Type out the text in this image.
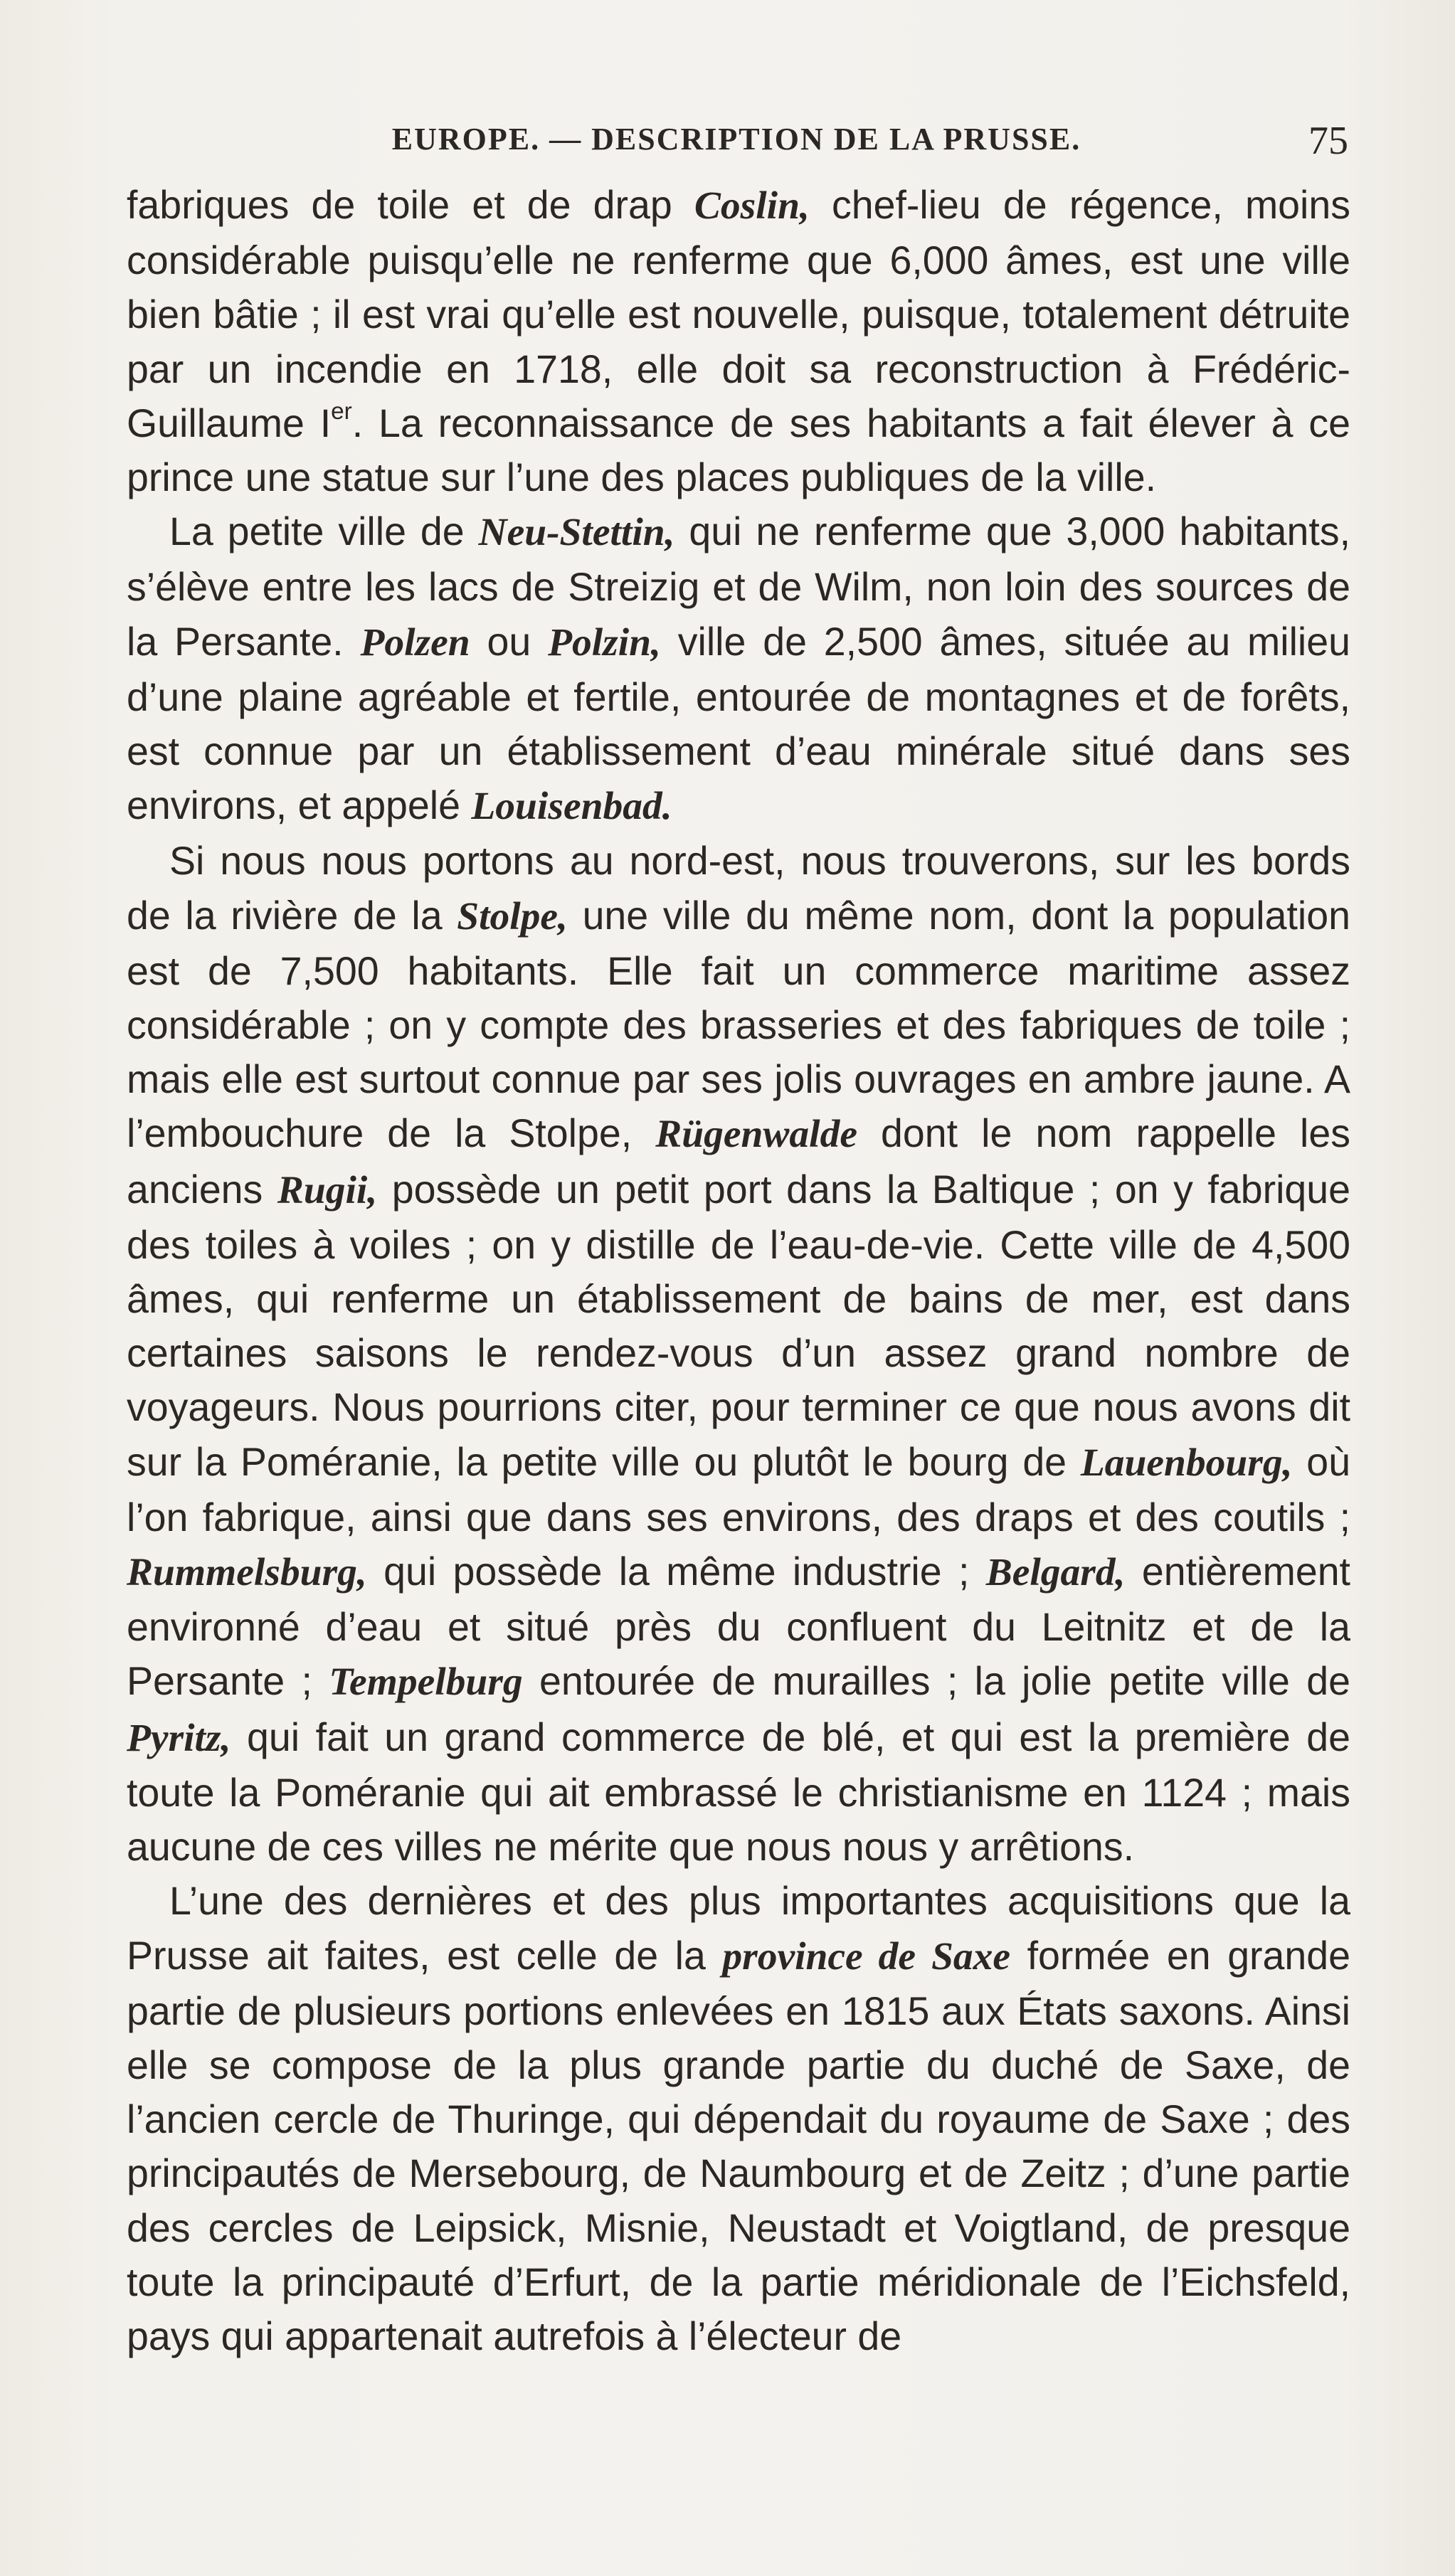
EUROPE. — DESCRIPTION DE LA PRUSSE.	75

fabriques de toile et de drap Coslin, chef-lieu de régence, moins considérable puisqu’elle ne renferme que 6,000 âmes, est une ville bien bâtie ; il est vrai qu’elle est nouvelle, puisque, totalement détruite par un incendie en 1718, elle doit sa reconstruction à Frédéric-Guillaume Ier. La reconnaissance de ses habitants a fait élever à ce prince une statue sur l’une des places publiques de la ville.

La petite ville de Neu-Stettin, qui ne renferme que 3,000 habitants, s’élève entre les lacs de Streizig et de Wilm, non loin des sources de la Persante. Polzen ou Polzin, ville de 2,500 âmes, située au milieu d’une plaine agréable et fertile, entourée de montagnes et de forêts, est connue par un établissement d’eau minérale situé dans ses environs, et appelé Louisenbad.

Si nous nous portons au nord-est, nous trouverons, sur les bords de la rivière de la Stolpe, une ville du même nom, dont la population est de 7,500 habitants. Elle fait un commerce maritime assez considérable ; on y compte des brasseries et des fabriques de toile ; mais elle est surtout connue par ses jolis ouvrages en ambre jaune. A l’embouchure de la Stolpe, Rügenwalde dont le nom rappelle les anciens Rugii, possède un petit port dans la Baltique ; on y fabrique des toiles à voiles ; on y distille de l’eau-de-vie. Cette ville de 4,500 âmes, qui renferme un établissement de bains de mer, est dans certaines saisons le rendez-vous d’un assez grand nombre de voyageurs. Nous pourrions citer, pour terminer ce que nous avons dit sur la Poméranie, la petite ville ou plutôt le bourg de Lauenbourg, où l’on fabrique, ainsi que dans ses environs, des draps et des coutils ; Rummelsburg, qui possède la même industrie ; Belgard, entièrement environné d’eau et situé près du confluent du Leitnitz et de la Persante ; Tempelburg entourée de murailles ; la jolie petite ville de Pyritz, qui fait un grand commerce de blé, et qui est la première de toute la Poméranie qui ait embrassé le christianisme en 1124 ; mais aucune de ces villes ne mérite que nous nous y arrêtions.

L’une des dernières et des plus importantes acquisitions que la Prusse ait faites, est celle de la province de Saxe formée en grande partie de plusieurs portions enlevées en 1815 aux États saxons. Ainsi elle se compose de la plus grande partie du duché de Saxe, de l’ancien cercle de Thuringe, qui dépendait du royaume de Saxe ; des principautés de Mersebourg, de Naumbourg et de Zeitz ; d’une partie des cercles de Leipsick, Misnie, Neustadt et Voigtland, de presque toute la principauté d’Erfurt, de la partie méridionale de l’Eichsfeld, pays qui appartenait autrefois à l’électeur de
